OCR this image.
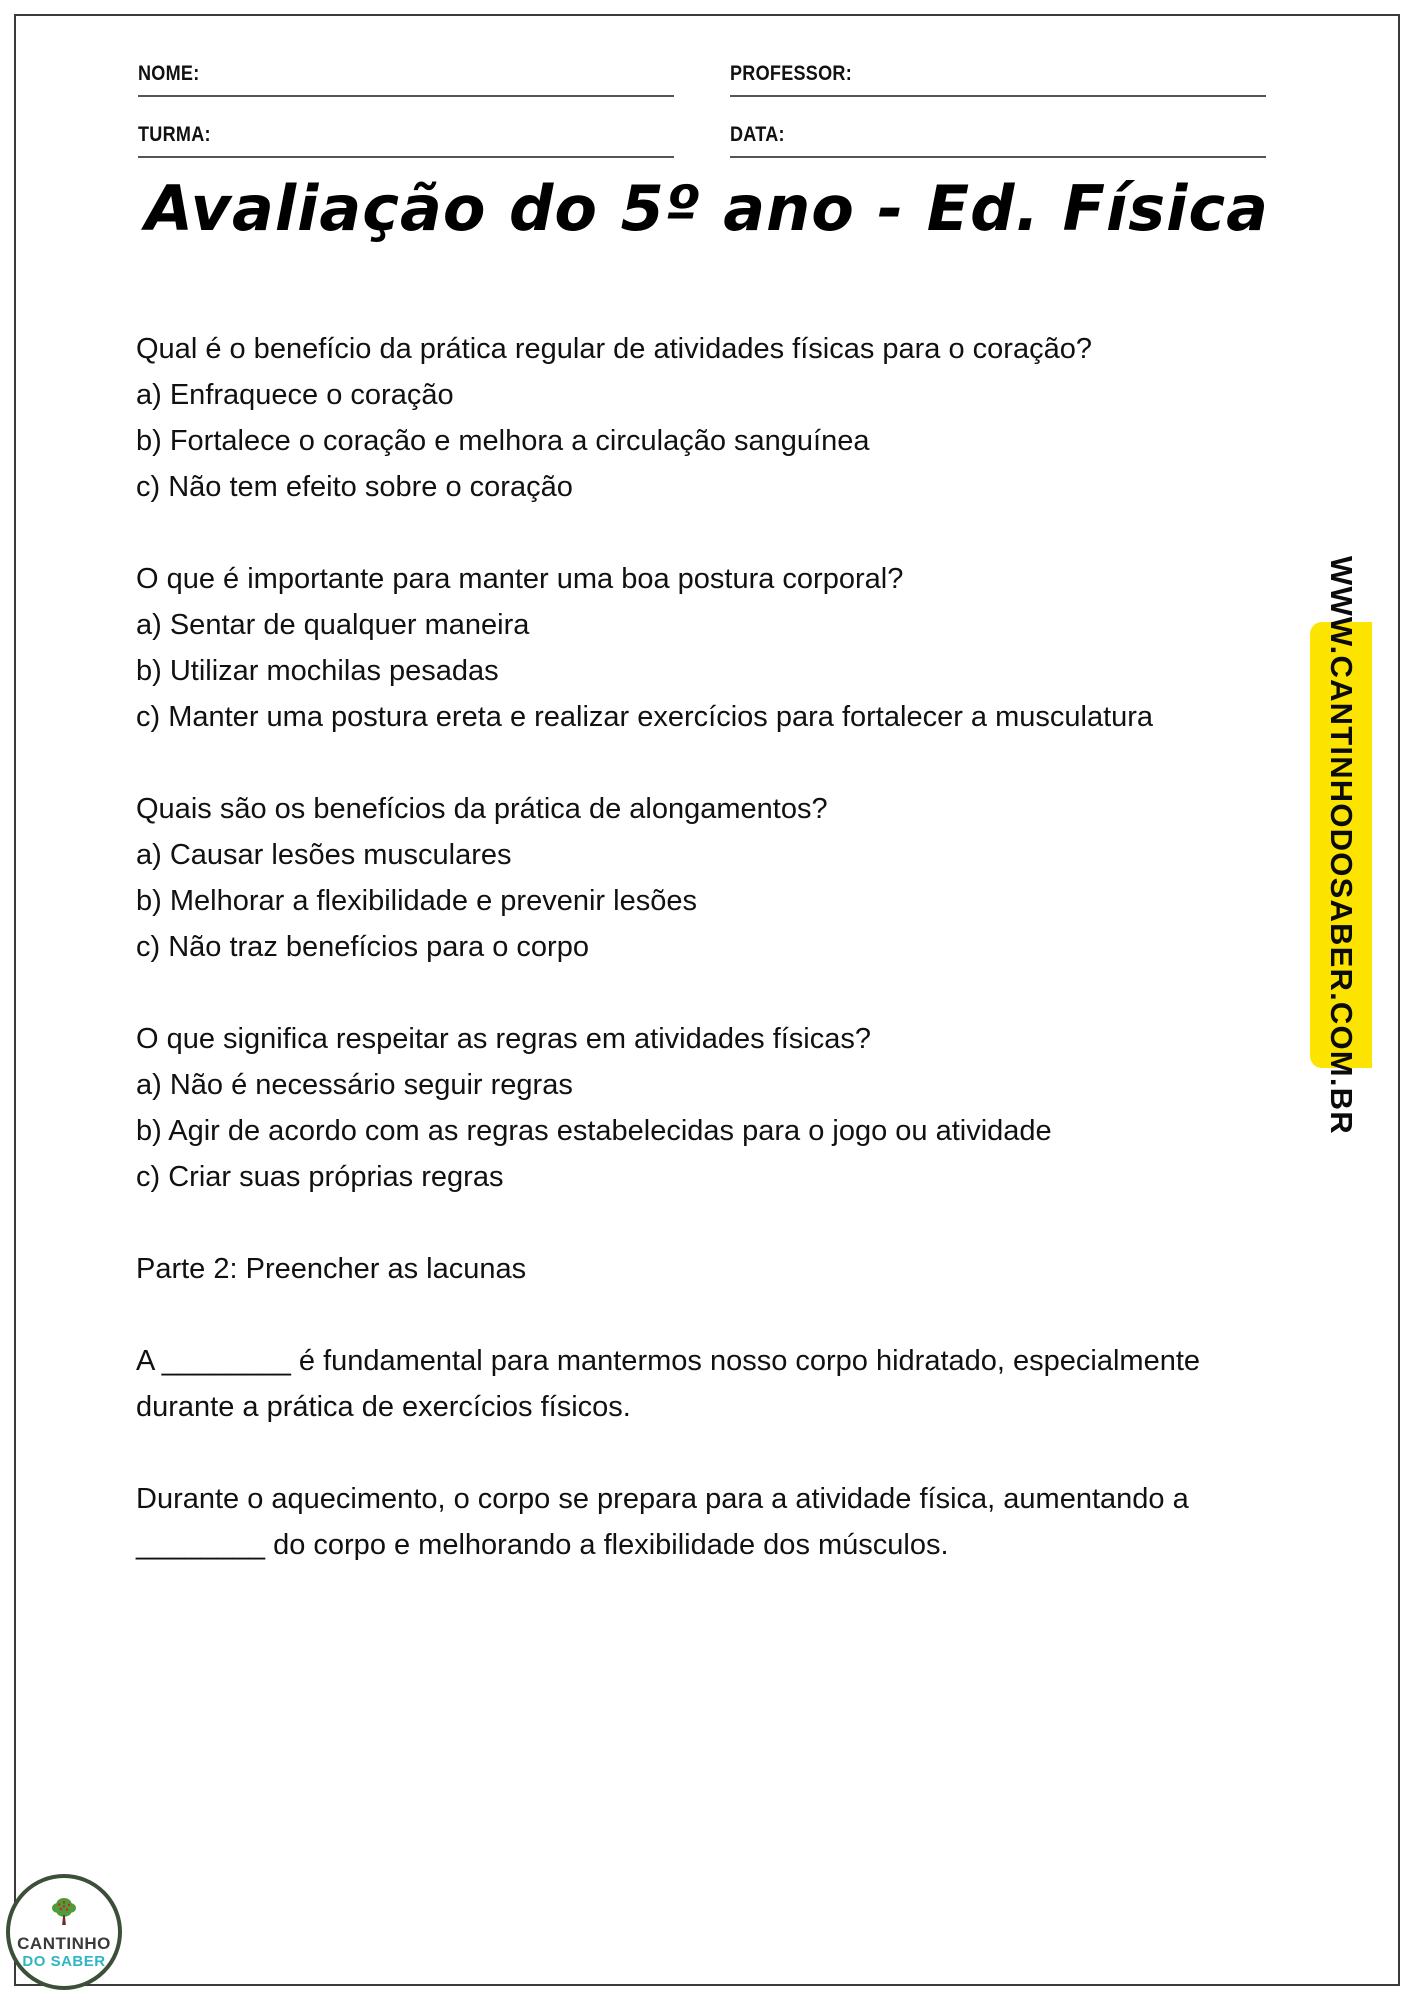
NOME:	PROFESSOR:
TURMA:	DATA:
Avaliação do 5º ano - Ed. Física

Qual é o benefício da prática regular de atividades físicas para o coração?

a) Enfraquece o coração

b) Fortalece o coração e melhora a circulação sanguínea

c) Não tem efeito sobre o coração

O que é importante para manter uma boa postura corporal?

a) Sentar de qualquer maneira

b) Utilizar mochilas pesadas

c) Manter uma postura ereta e realizar exercícios para fortalecer a musculatura

Quais são os benefícios da prática de alongamentos?

a) Causar lesões musculares

b) Melhorar a flexibilidade e prevenir lesões

c) Não traz benefícios para o corpo

O que significa respeitar as regras em atividades físicas?

a) Não é necessário seguir regras

b) Agir de acordo com as regras estabelecidas para o jogo ou atividade

c) Criar suas próprias regras

Parte 2: Preencher as lacunas

A ________ é fundamental para mantermos nosso corpo hidratado, especialmente durante a prática de exercícios físicos.

Durante o aquecimento, o corpo se prepara para a atividade física, aumentando a ________ do corpo e melhorando a flexibilidade dos músculos.

WWW.CANTINHODOSABER.COM.BR
CANTINHO
DO SABER
